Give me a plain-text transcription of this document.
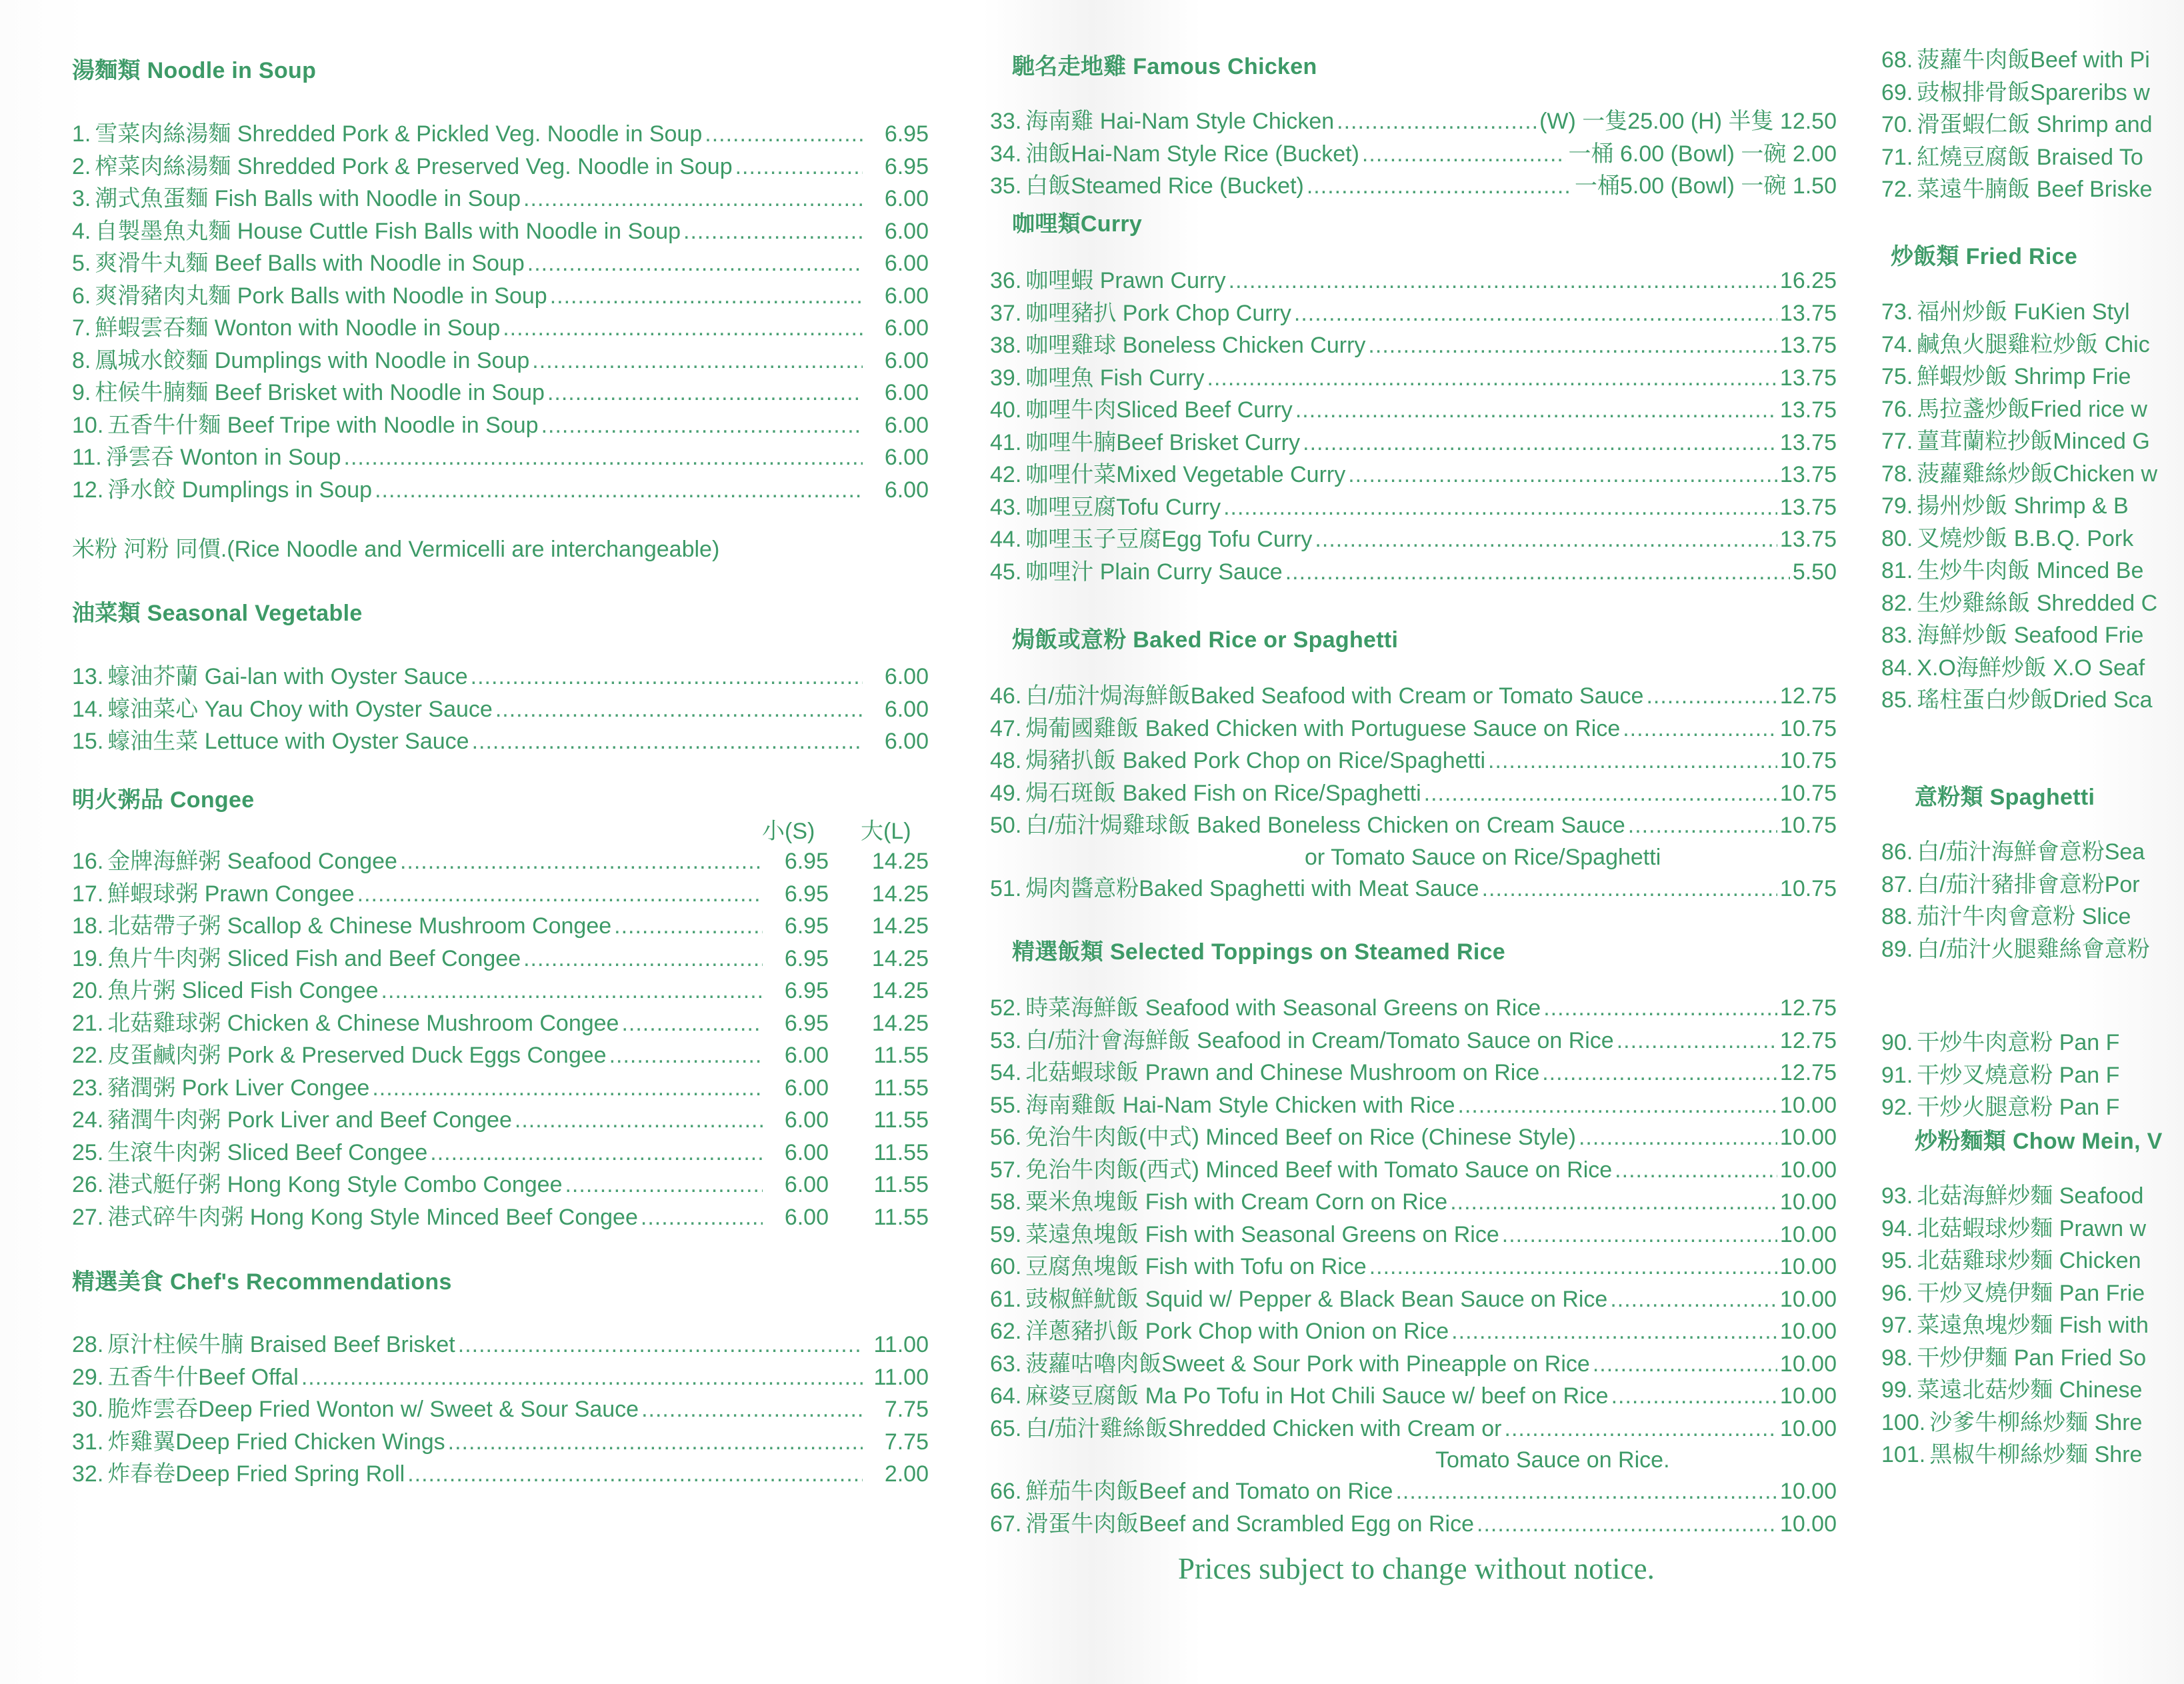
湯麵類 Noodle in Soup
1. 雪菜肉絲湯麵 Shredded Pork & Pickled Veg. Noodle in Soup .....	6.95
2. 榨菜肉絲湯麵 Shredded Pork & Preserved Veg. Noodle in Soup .....	6.95
3. 潮式魚蛋麵 Fish Balls with Noodle in Soup .....	6.00
4. 自製墨魚丸麵 House Cuttle Fish Balls with Noodle in Soup .....	6.00
5. 爽滑牛丸麵 Beef Balls with Noodle in Soup .....	6.00
6. 爽滑豬肉丸麵 Pork Balls with Noodle in Soup .....	6.00
7. 鮮蝦雲吞麵 Wonton with Noodle in Soup .....	6.00
8. 鳳城水餃麵 Dumplings with Noodle in Soup .....	6.00
9. 柱候牛腩麵 Beef Brisket with Noodle in Soup .....	6.00
10. 五香牛什麵 Beef Tripe with Noodle in Soup .....	6.00
11. 淨雲吞 Wonton in Soup .....	6.00
12. 淨水餃 Dumplings in Soup .....	6.00
米粉 河粉 同價.(Rice Noodle and Vermicelli are interchangeable)
油菜類 Seasonal Vegetable
13. 蠔油芥蘭 Gai-lan with Oyster Sauce .....	6.00
14. 蠔油菜心 Yau Choy with Oyster Sauce .....	6.00
15. 蠔油生菜 Lettuce with Oyster Sauce .....	6.00
明火粥品 Congee
小(S) 大(L)
16. 金牌海鮮粥 Seafood Congee .....	6.95	14.25
17. 鮮蝦球粥 Prawn Congee .....	6.95	14.25
18. 北菇帶子粥 Scallop & Chinese Mushroom Congee .....	6.95	14.25
19. 魚片牛肉粥 Sliced Fish and Beef Congee .....	6.95	14.25
20. 魚片粥 Sliced Fish Congee .....	6.95	14.25
21. 北菇雞球粥 Chicken & Chinese Mushroom Congee .....	6.95	14.25
22. 皮蛋鹹肉粥 Pork & Preserved Duck Eggs Congee .....	6.00	11.55
23. 豬潤粥 Pork Liver Congee .....	6.00	11.55
24. 豬潤牛肉粥 Pork Liver and Beef Congee .....	6.00	11.55
25. 生滾牛肉粥 Sliced Beef Congee .....	6.00	11.55
26. 港式艇仔粥 Hong Kong Style Combo Congee .....	6.00	11.55
27. 港式碎牛肉粥 Hong Kong Style Minced Beef Congee .....	6.00	11.55
精選美食 Chef's Recommendations
28. 原汁柱候牛腩 Braised Beef Brisket .....	11.00
29. 五香牛什Beef Offal .....	11.00
30. 脆炸雲吞Deep Fried Wonton w/ Sweet & Sour Sauce .....	7.75
31. 炸雞翼Deep Fried Chicken Wings .....	7.75
32. 炸春卷Deep Fried Spring Roll .....	2.00
馳名走地雞 Famous Chicken
33. 海南雞 Hai-Nam Style Chicken .....	(W) 一隻25.00 (H) 半隻 12.50
34. 油飯Hai-Nam Style Rice (Bucket) .....	一桶 6.00 (Bowl) 一碗 2.00
35. 白飯Steamed Rice (Bucket) .....	一桶5.00 (Bowl) 一碗 1.50
咖哩類Curry
36. 咖哩蝦 Prawn Curry .....	16.25
37. 咖哩豬扒 Pork Chop Curry .....	13.75
38. 咖哩雞球 Boneless Chicken Curry .....	13.75
39. 咖哩魚 Fish Curry .....	13.75
40. 咖哩牛肉Sliced Beef Curry .....	13.75
41. 咖哩牛腩Beef Brisket Curry .....	13.75
42. 咖哩什菜Mixed Vegetable Curry .....	13.75
43. 咖哩豆腐Tofu Curry .....	13.75
44. 咖哩玉子豆腐Egg Tofu Curry .....	13.75
45. 咖哩汁 Plain Curry Sauce .....	5.50
焗飯或意粉 Baked Rice or Spaghetti
46. 白/茄汁焗海鮮飯Baked Seafood with Cream or Tomato Sauce .....	12.75
47. 焗葡國雞飯 Baked Chicken with Portuguese Sauce on Rice .....	10.75
48. 焗豬扒飯 Baked Pork Chop on Rice/Spaghetti .....	10.75
49. 焗石斑飯 Baked Fish on Rice/Spaghetti .....	10.75
50. 白/茄汁焗雞球飯 Baked Boneless Chicken on Cream Sauce .....	10.75
or Tomato Sauce on Rice/Spaghetti
51. 焗肉醬意粉Baked Spaghetti with Meat Sauce .....	10.75
精選飯類 Selected Toppings on Steamed Rice
52. 時菜海鮮飯 Seafood with Seasonal Greens on Rice .....	12.75
53. 白/茄汁會海鮮飯 Seafood in Cream/Tomato Sauce on Rice .....	12.75
54. 北菇蝦球飯 Prawn and Chinese Mushroom on Rice .....	12.75
55. 海南雞飯 Hai-Nam Style Chicken with Rice .....	10.00
56. 免治牛肉飯(中式) Minced Beef on Rice (Chinese Style) .....	10.00
57. 免治牛肉飯(西式) Minced Beef with Tomato Sauce on Rice .....	10.00
58. 粟米魚塊飯 Fish with Cream Corn on Rice .....	10.00
59. 菜遠魚塊飯 Fish with Seasonal Greens on Rice .....	10.00
60. 豆腐魚塊飯 Fish with Tofu on Rice .....	10.00
61. 豉椒鮮魷飯 Squid w/ Pepper & Black Bean Sauce on Rice .....	10.00
62. 洋蔥豬扒飯 Pork Chop with Onion on Rice .....	10.00
63. 菠蘿咕嚕肉飯Sweet & Sour Pork with Pineapple on Rice .....	10.00
64. 麻婆豆腐飯 Ma Po Tofu in Hot Chili Sauce w/ beef on Rice .....	10.00
65. 白/茄汁雞絲飯Shredded Chicken with Cream or .....	10.00
Tomato Sauce on Rice.
66. 鮮茄牛肉飯Beef and Tomato on Rice .....	10.00
67. 滑蛋牛肉飯Beef and Scrambled Egg on Rice .....	10.00
Prices subject to change without notice.
68. 菠蘿牛肉飯Beef with Pi
69. 豉椒排骨飯Spareribs w
70. 滑蛋蝦仁飯 Shrimp and
71. 紅燒豆腐飯 Braised To
72. 菜遠牛腩飯 Beef Briske
炒飯類 Fried Rice
73. 福州炒飯 FuKien Styl
74. 鹹魚火腿雞粒炒飯 Chic
75. 鮮蝦炒飯 Shrimp Frie
76. 馬拉盞炒飯Fried rice w
77. 薑茸蘭粒抄飯Minced G
78. 菠蘿雞絲炒飯Chicken w
79. 揚州炒飯 Shrimp & B
80. 叉燒炒飯 B.B.Q. Pork
81. 生炒牛肉飯 Minced Be
82. 生炒雞絲飯 Shredded C
83. 海鮮炒飯 Seafood Frie
84. X.O海鮮炒飯 X.O Seaf
85. 瑤柱蛋白炒飯Dried Sca
意粉類 Spaghetti
86. 白/茄汁海鮮會意粉Sea
87. 白/茄汁豬排會意粉Por
88. 茄汁牛肉會意粉 Slice
89. 白/茄汁火腿雞絲會意粉
90. 干炒牛肉意粉 Pan F
91. 干炒叉燒意粉 Pan F
92. 干炒火腿意粉 Pan F
炒粉麵類 Chow Mein, V
93. 北菇海鮮炒麵 Seafood
94. 北菇蝦球炒麵 Prawn w
95. 北菇雞球炒麵 Chicken
96. 干炒叉燒伊麵 Pan Frie
97. 菜遠魚塊炒麵 Fish with
98. 干炒伊麵 Pan Fried So
99. 菜遠北菇炒麵 Chinese
100. 沙爹牛柳絲炒麵 Shre
101. 黑椒牛柳絲炒麵 Shre
